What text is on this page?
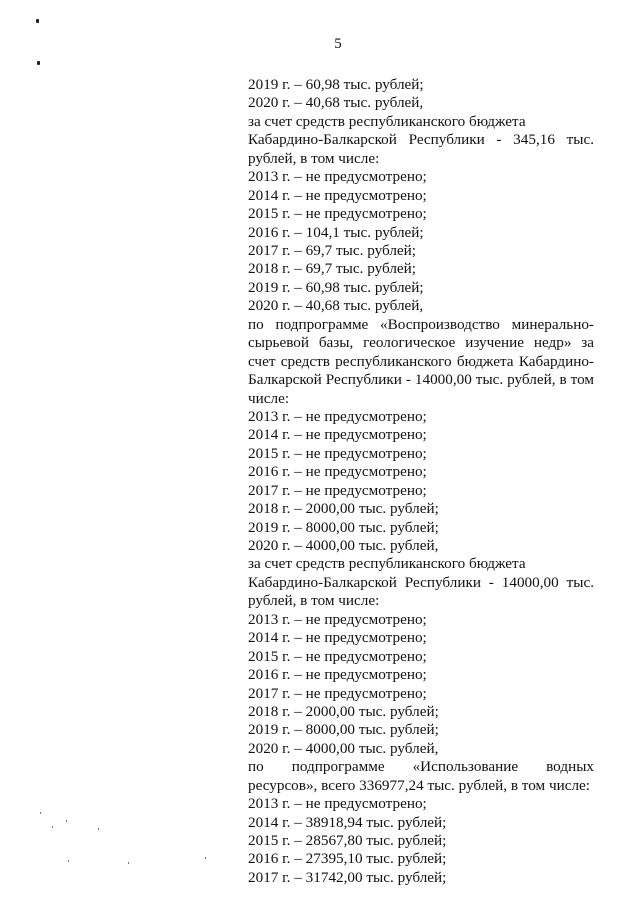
5
2019 г. – 60,98 тыс. рублей;
2020 г. – 40,68 тыс. рублей,
за счет средств республиканского бюджета
Кабардино-Балкарской Республики - 345,16 тыс.
рублей, в том числе:
2013 г. – не предусмотрено;
2014 г. – не предусмотрено;
2015 г. – не предусмотрено;
2016 г. – 104,1 тыс. рублей;
2017 г. – 69,7 тыс. рублей;
2018 г. – 69,7 тыс. рублей;
2019 г. – 60,98 тыс. рублей;
2020 г. – 40,68 тыс. рублей,
по подпрограмме «Воспроизводство минерально-сырьевой базы, геологическое изучение недр» за счет средств республиканского бюджета Кабардино-Балкарской Республики - 14000,00 тыс. рублей, в том числе:
2013 г. – не предусмотрено;
2014 г. – не предусмотрено;
2015 г. – не предусмотрено;
2016 г. – не предусмотрено;
2017 г. – не предусмотрено;
2018 г. – 2000,00 тыс. рублей;
2019 г. – 8000,00 тыс. рублей;
2020 г. – 4000,00 тыс. рублей,
за счет средств республиканского бюджета
Кабардино-Балкарской Республики - 14000,00 тыс.
рублей, в том числе:
2013 г. – не предусмотрено;
2014 г. – не предусмотрено;
2015 г. – не предусмотрено;
2016 г. – не предусмотрено;
2017 г. – не предусмотрено;
2018 г. – 2000,00 тыс. рублей;
2019 г. – 8000,00 тыс. рублей;
2020 г. – 4000,00 тыс. рублей,
по подпрограмме «Использование водных ресурсов», всего 336977,24 тыс. рублей, в том числе:
2013 г. – не предусмотрено;
2014 г. – 38918,94 тыс. рублей;
2015 г. – 28567,80 тыс. рублей;
2016 г. – 27395,10 тыс. рублей;
2017 г. – 31742,00 тыс. рублей;
